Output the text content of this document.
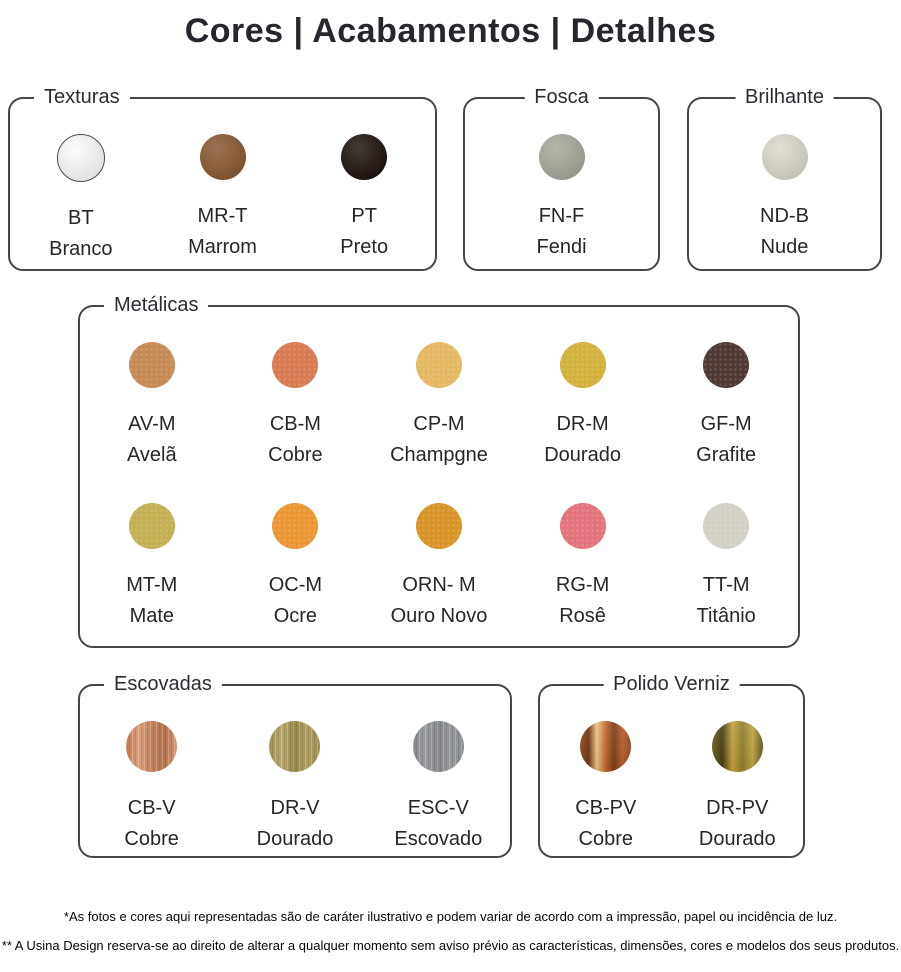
Cores | Acabamentos | Detalhes
Texturas
BT
Branco
MR-T
Marrom
PT
Preto
Fosca
FN-F
Fendi
Brilhante
ND-B
Nude
Metálicas
AV-M
Avelã
CB-M
Cobre
CP-M
Champgne
DR-M
Dourado
GF-M
Grafite
MT-M
Mate
OC-M
Ocre
ORN- M
Ouro Novo
RG-M
Rosê
TT-M
Titânio
Escovadas
CB-V
Cobre
DR-V
Dourado
ESC-V
Escovado
Polido Verniz
CB-PV
Cobre
DR-PV
Dourado
*As fotos e cores aqui representadas são de caráter ilustrativo e podem variar de acordo com a impressão, papel ou incidência de luz.
** A Usina Design reserva-se ao direito de alterar a qualquer momento sem aviso prévio as características, dimensões, cores e modelos dos seus produtos.
